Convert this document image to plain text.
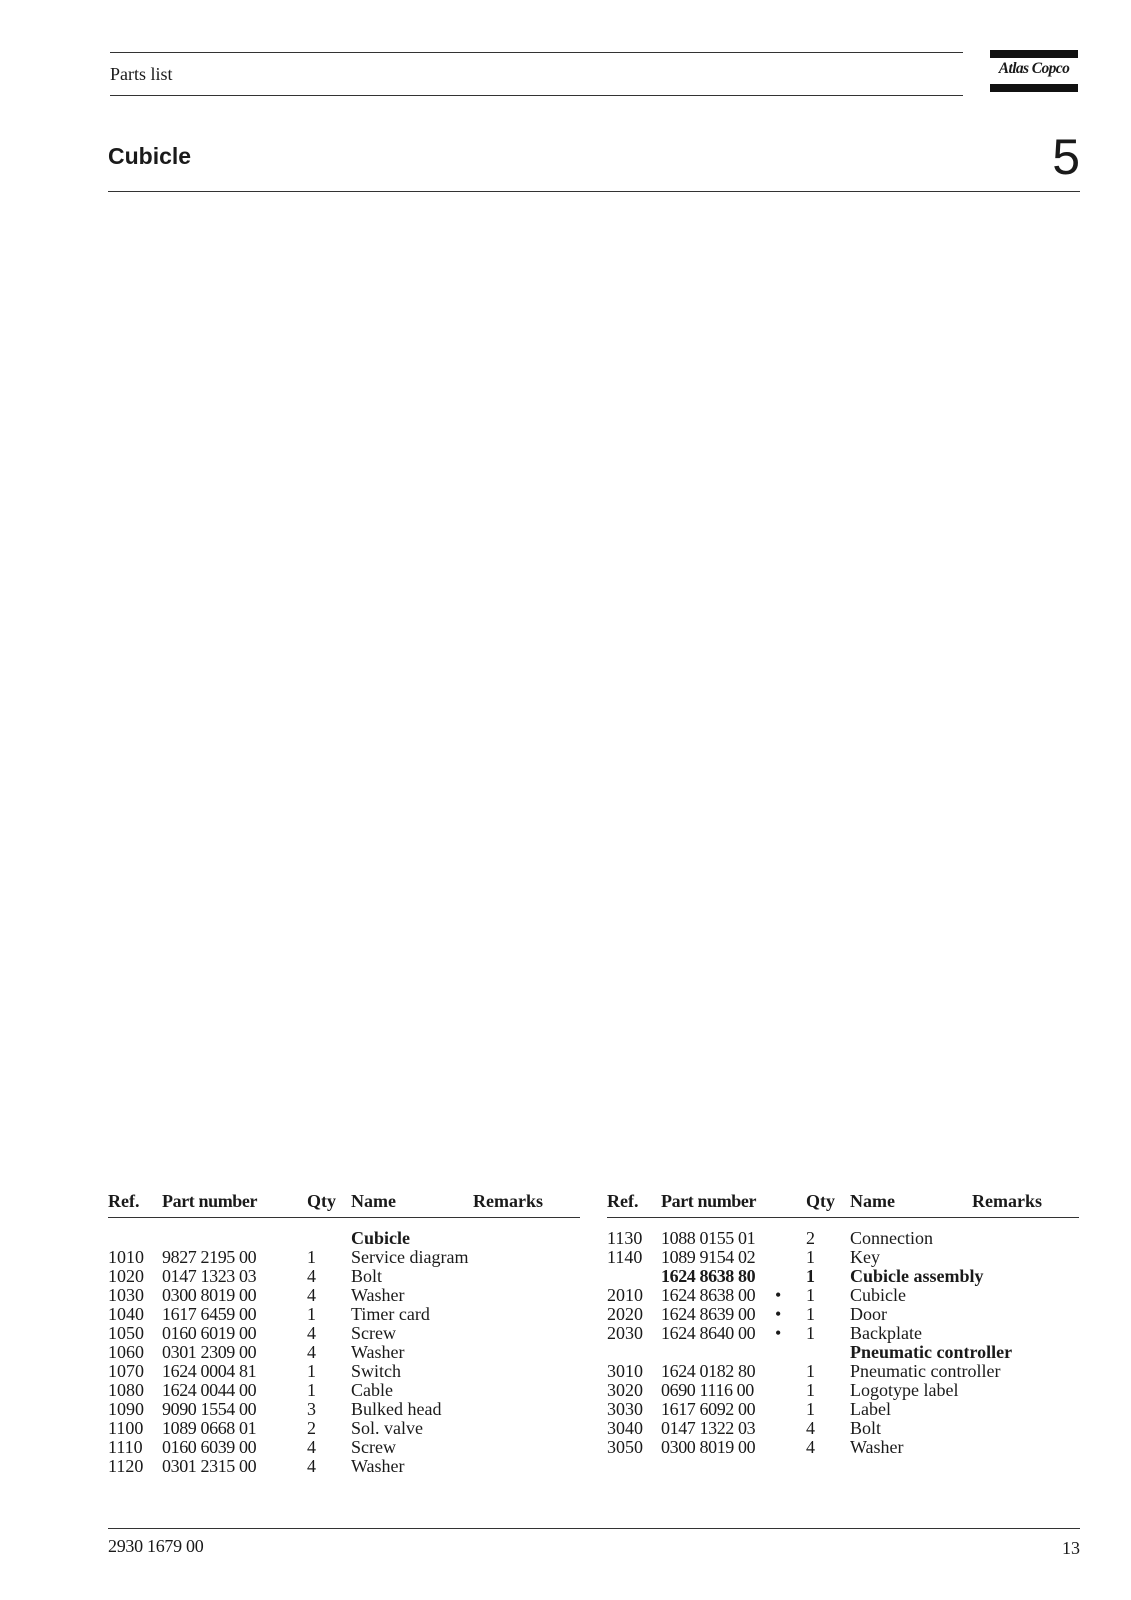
Parts list	Atlas Copco
Cubicle	5
Ref. Part number	Qty Name	Remarks
Cubicle
1010 9827 2195 00	1 Service diagram
1020 0147 1323 03	4 Bolt
1030 0300 8019 00	4 Washer
1040 1617 6459 00	1 Timer card
1050 0160 6019 00	4 Screw
1060 0301 2309 00	4 Washer
1070 1624 0004 81	1 Switch
1080 1624 0044 00	1 Cable
1090 9090 1554 00	3 Bulked head
1100 1089 0668 01	2 Sol. valve
1110 0160 6039 00	4 Screw
1120 0301 2315 00	4 Washer
Ref. Part number	Qty Name	Remarks
1130 1088 0155 01	2 Connection
1140 1089 9154 02	1 Key
1624 8638 80	1 Cubicle assembly
2010 1624 8638 00 • 1 Cubicle
2020 1624 8639 00 • 1 Door
2030 1624 8640 00 • 1 Backplate
Pneumatic controller
3010 1624 0182 80	1 Pneumatic controller
3020 0690 1116 00	1 Logotype label
3030 1617 6092 00	1 Label
3040 0147 1322 03	4 Bolt
3050 0300 8019 00	4 Washer
2930 1679 00	13
